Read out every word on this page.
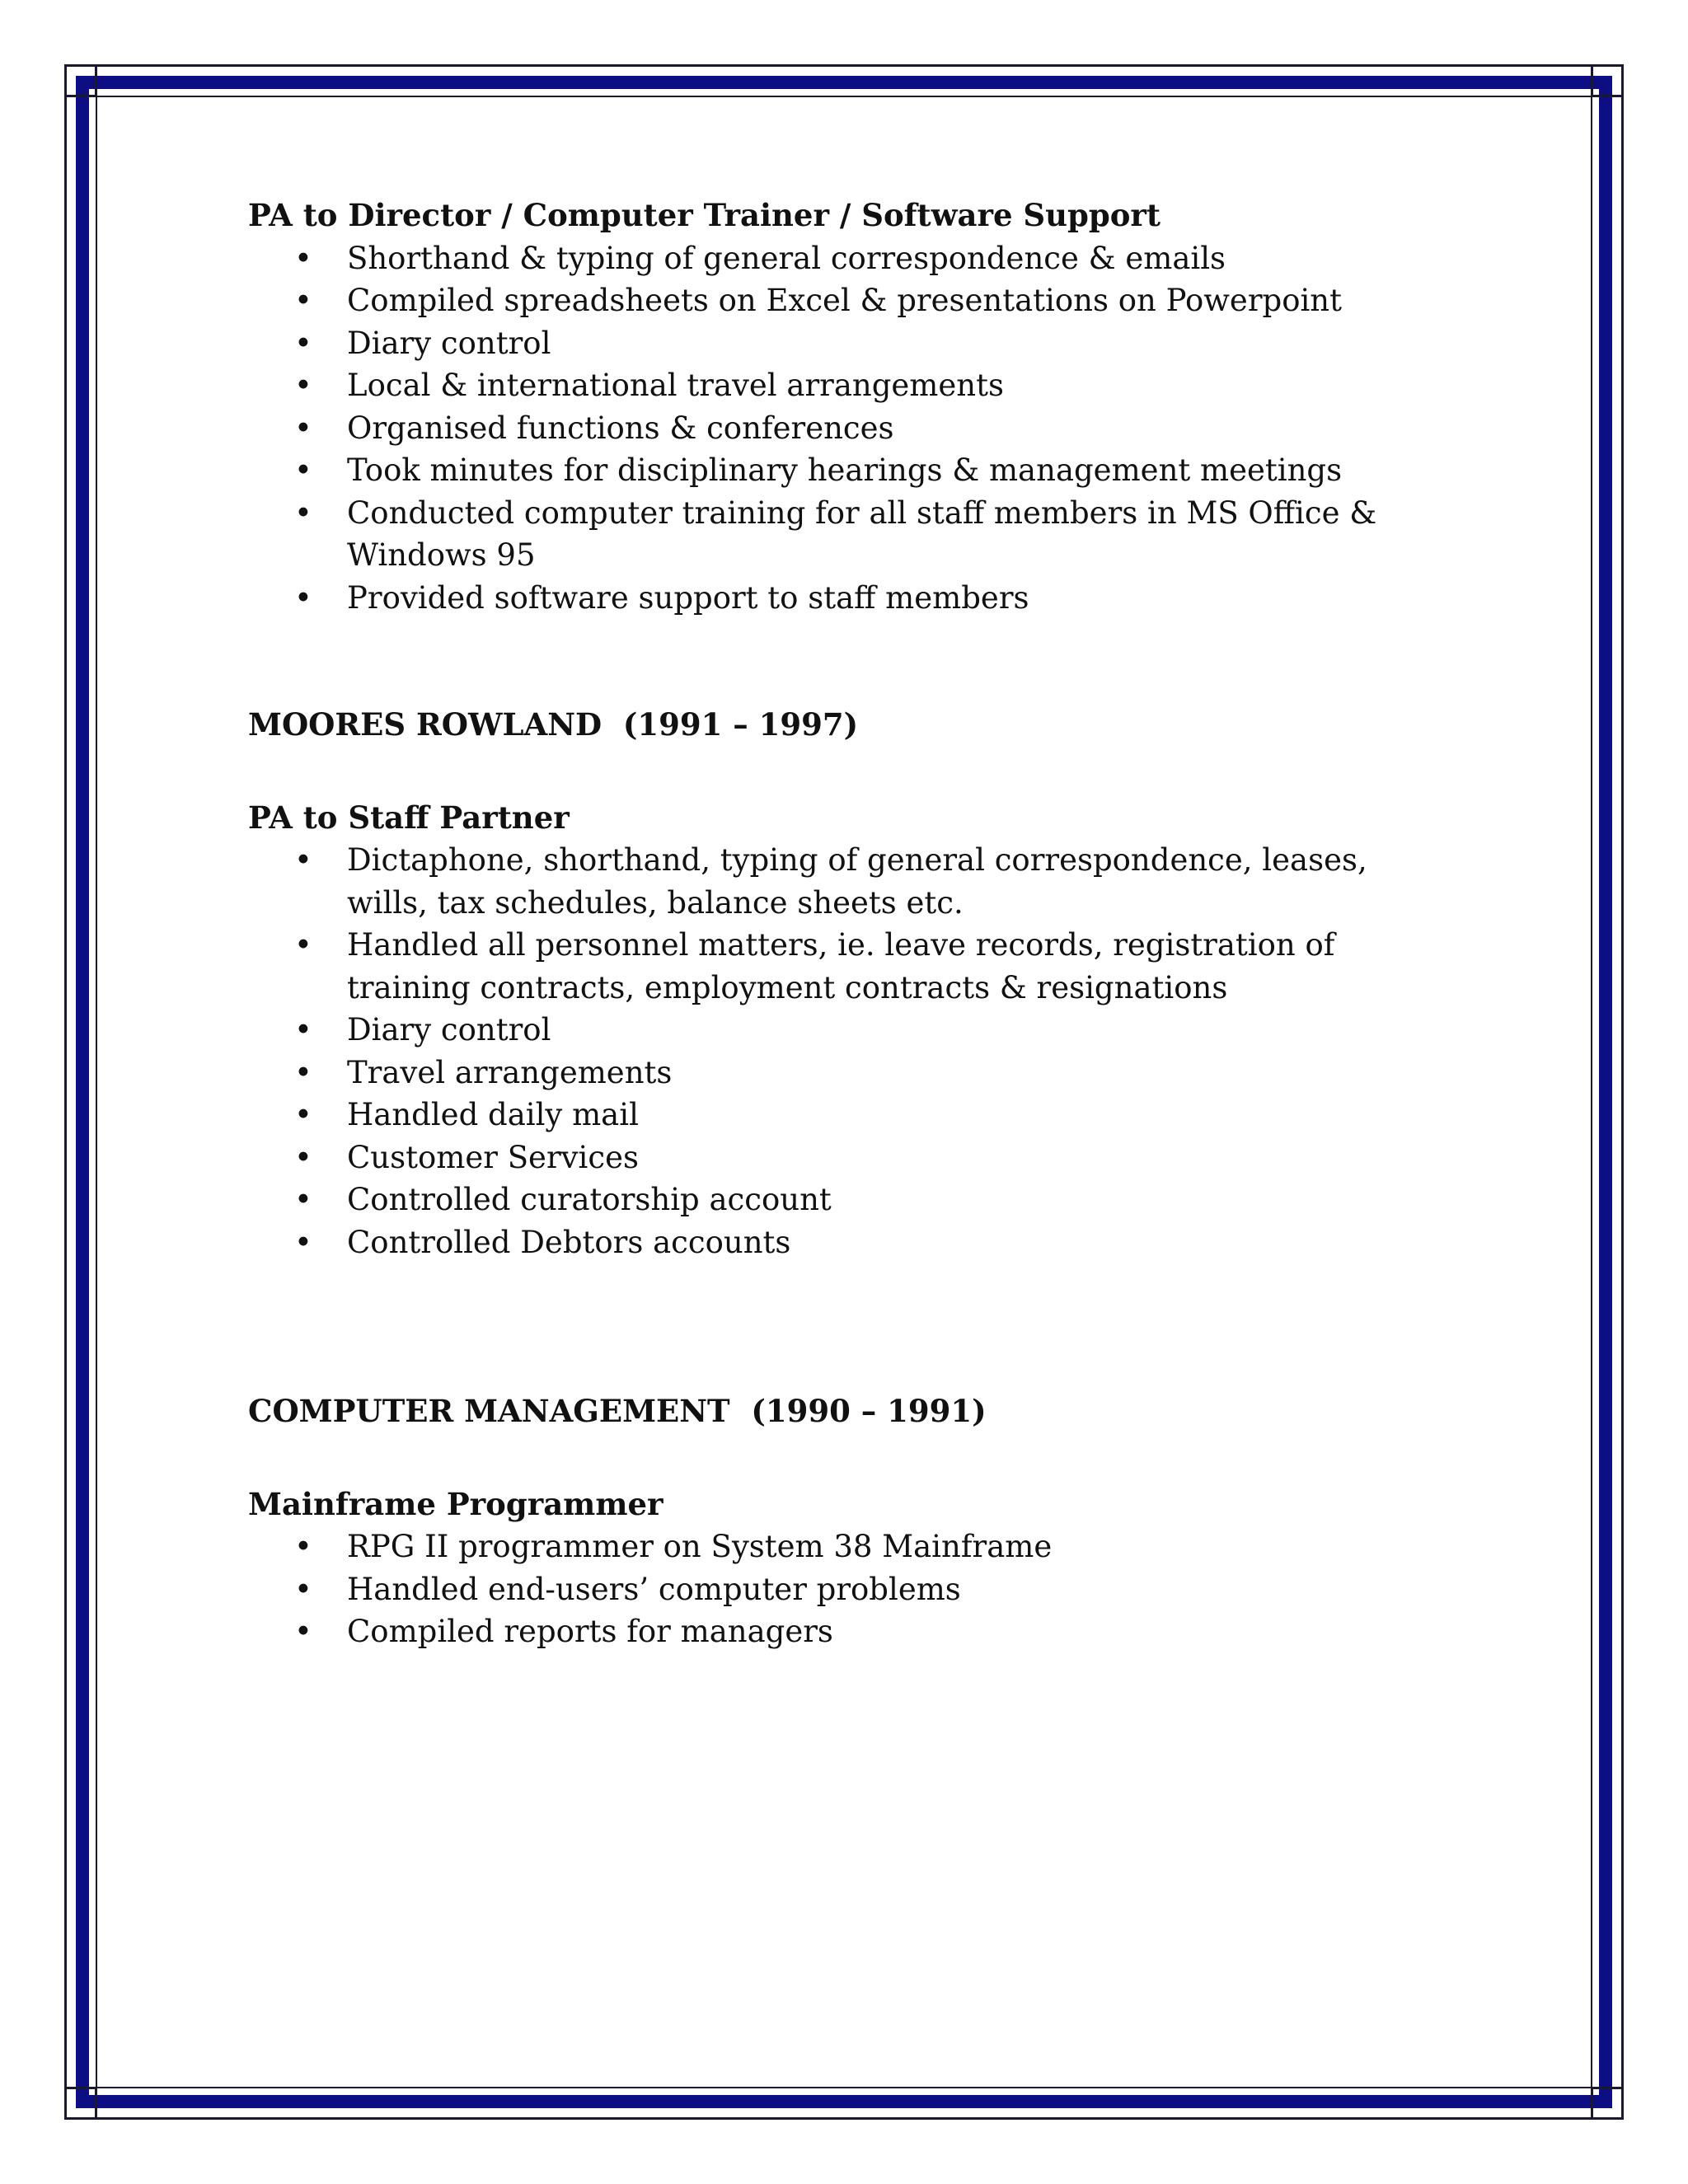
PA to Director / Computer Trainer / Software Support

• Shorthand & typing of general correspondence & emails
• Compiled spreadsheets on Excel & presentations on Powerpoint
• Diary control
• Local & international travel arrangements
• Organised functions & conferences
• Took minutes for disciplinary hearings & management meetings
• Conducted computer training for all staff members in MS Office & Windows 95
• Provided software support to staff members

MOORES ROWLAND  (1991 – 1997)

PA to Staff Partner

• Dictaphone, shorthand, typing of general correspondence, leases, wills, tax schedules, balance sheets etc.
• Handled all personnel matters, ie. leave records, registration of training contracts, employment contracts & resignations
• Diary control
• Travel arrangements
• Handled daily mail
• Customer Services
• Controlled curatorship account
• Controlled Debtors accounts

COMPUTER MANAGEMENT  (1990 – 1991)

Mainframe Programmer

• RPG II programmer on System 38 Mainframe
• Handled end-users’ computer problems
• Compiled reports for managers
